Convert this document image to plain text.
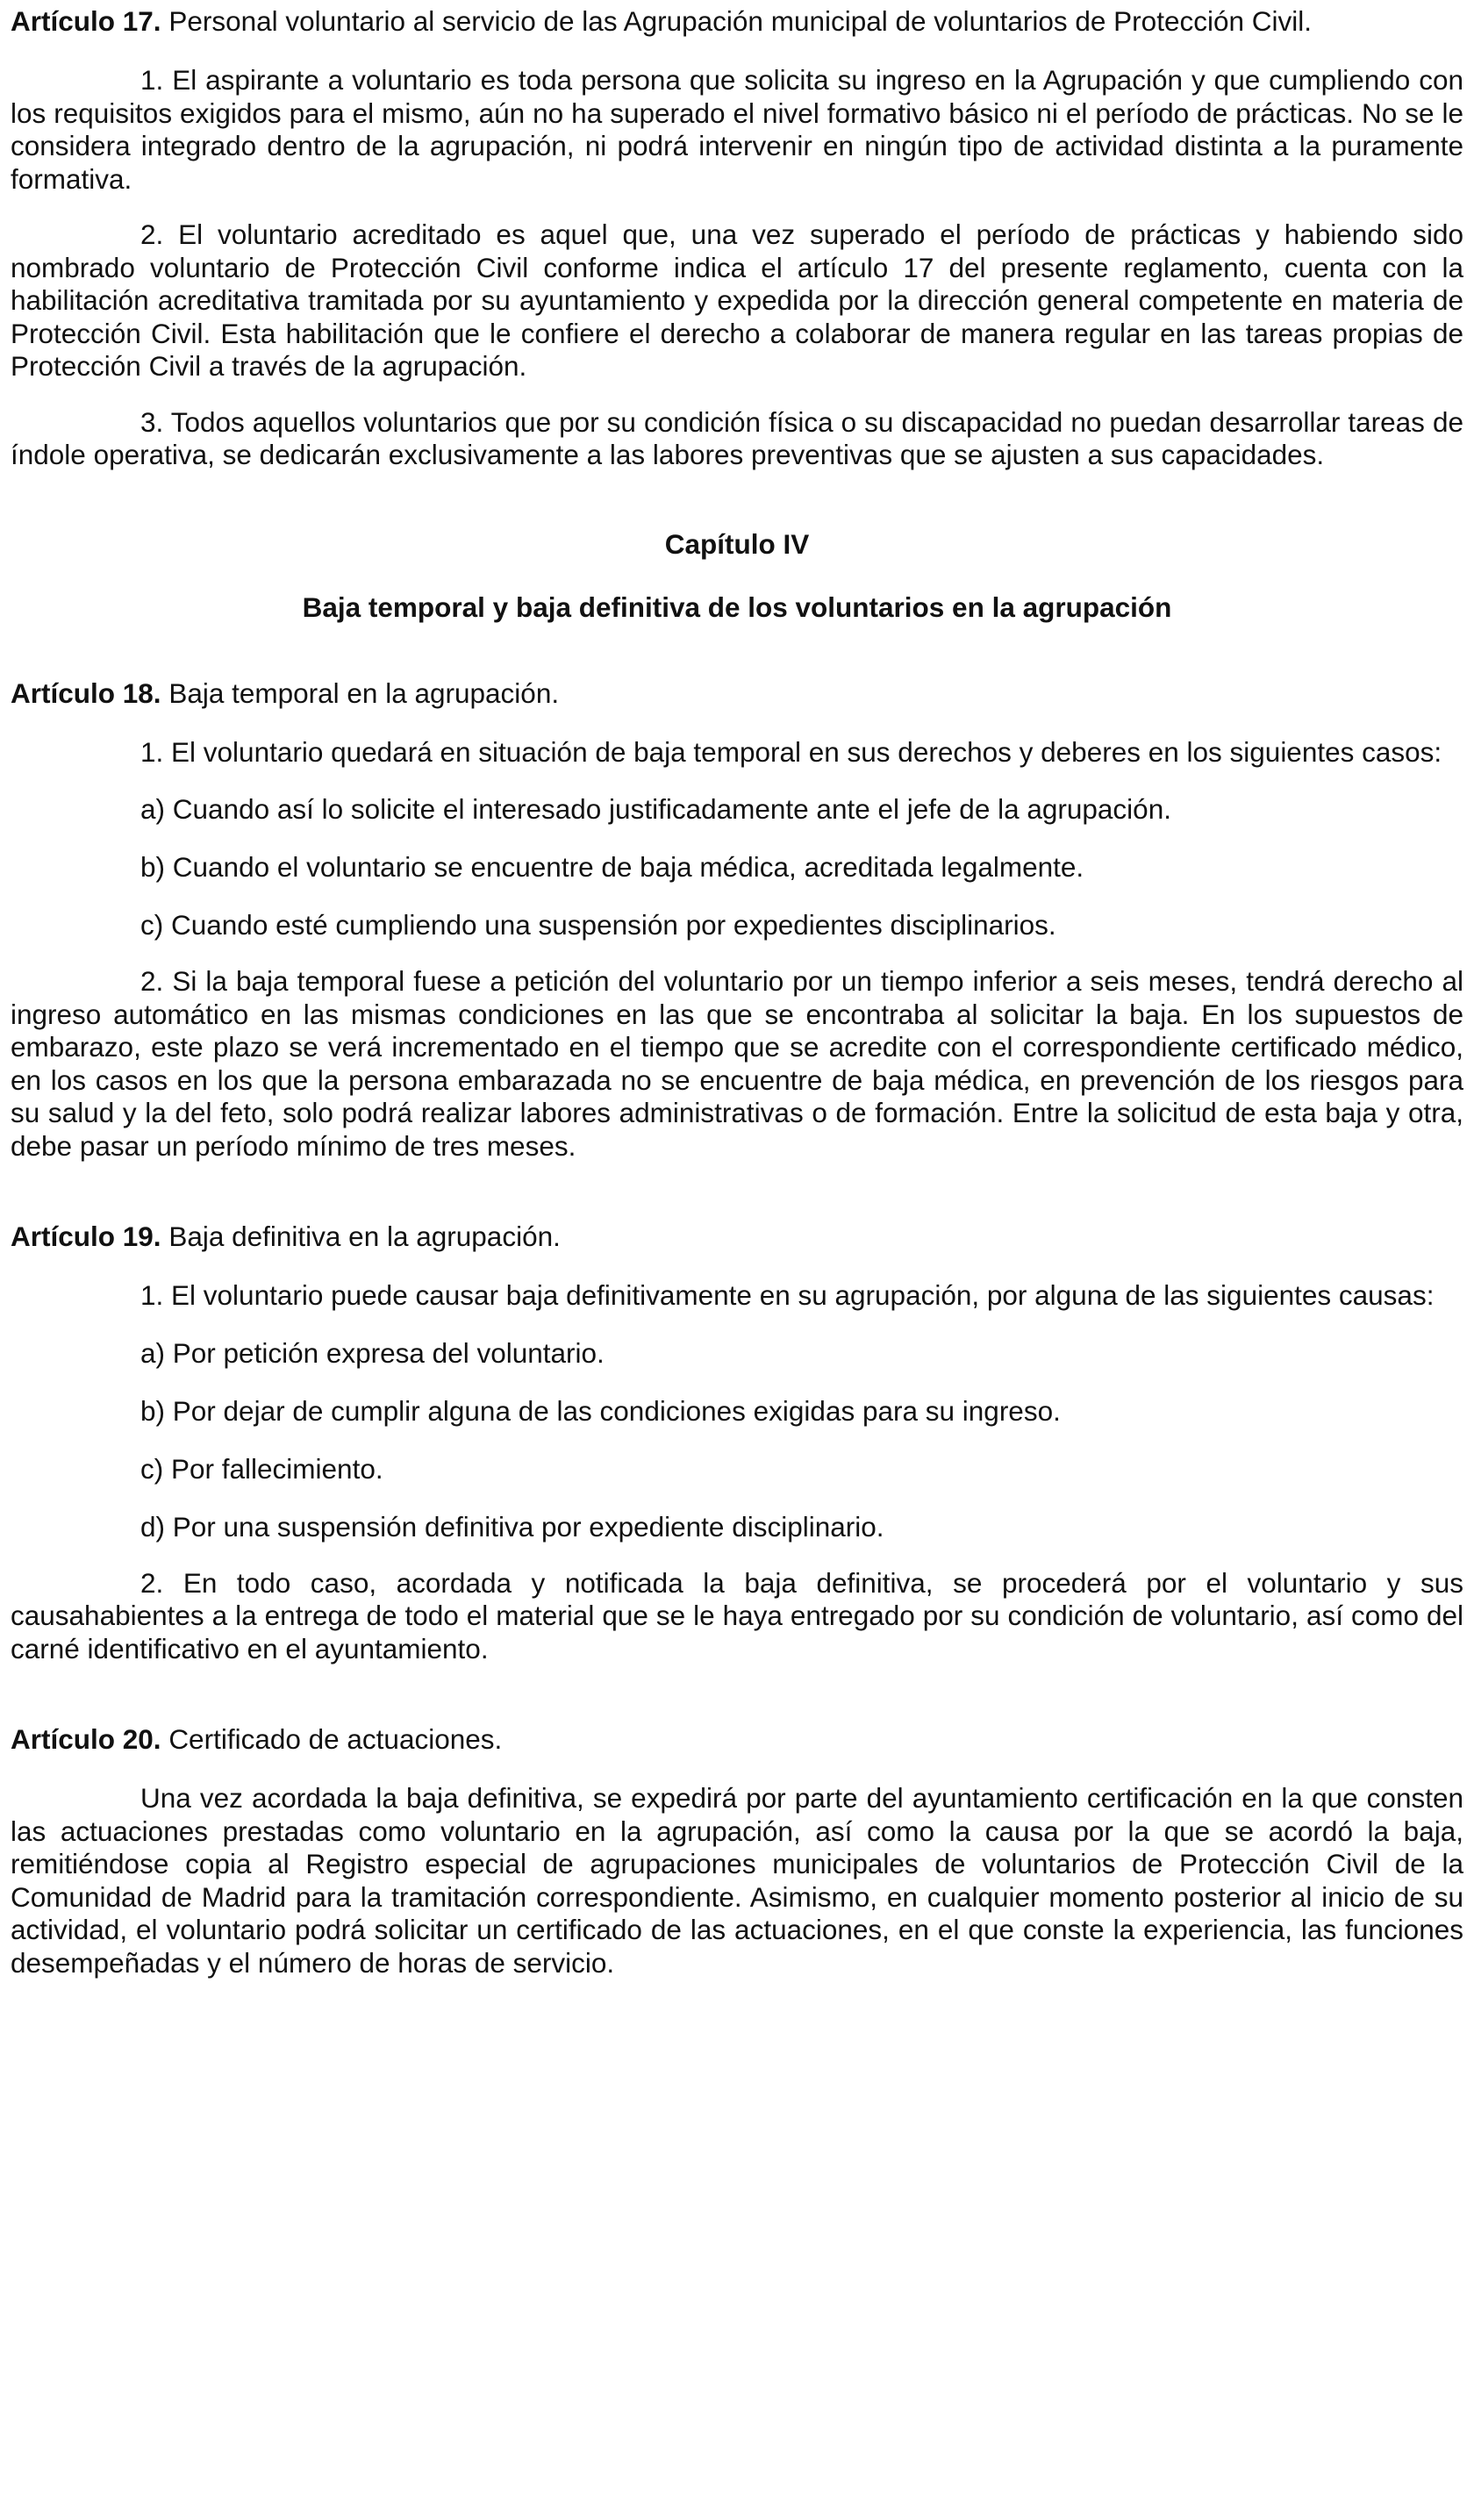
Artículo 17. Personal voluntario al servicio de las Agrupación municipal de voluntarios de Protección Civil.

1. El aspirante a voluntario es toda persona que solicita su ingreso en la Agrupación y que cumpliendo con los requisitos exigidos para el mismo, aún no ha superado el nivel formativo básico ni el período de prácticas. No se le considera integrado dentro de la agrupación, ni podrá intervenir en ningún tipo de actividad distinta a la puramente formativa.

2. El voluntario acreditado es aquel que, una vez superado el período de prácticas y habiendo sido nombrado voluntario de Protección Civil conforme indica el artículo 17 del presente reglamento, cuenta con la habilitación acreditativa tramitada por su ayuntamiento y expedida por la dirección general competente en materia de Protección Civil. Esta habilitación que le confiere el derecho a colaborar de manera regular en las tareas propias de Protección Civil a través de la agrupación.

3. Todos aquellos voluntarios que por su condición física o su discapacidad no puedan desarrollar tareas de índole operativa, se dedicarán exclusivamente a las labores preventivas que se ajusten a sus capacidades.

Capítulo IV

Baja temporal y baja definitiva de los voluntarios en la agrupación

Artículo 18. Baja temporal en la agrupación.

1. El voluntario quedará en situación de baja temporal en sus derechos y deberes en los siguientes casos:

a) Cuando así lo solicite el interesado justificadamente ante el jefe de la agrupación.

b) Cuando el voluntario se encuentre de baja médica, acreditada legalmente.

c) Cuando esté cumpliendo una suspensión por expedientes disciplinarios.

2. Si la baja temporal fuese a petición del voluntario por un tiempo inferior a seis meses, tendrá derecho al ingreso automático en las mismas condiciones en las que se encontraba al solicitar la baja. En los supuestos de embarazo, este plazo se verá incrementado en el tiempo que se acredite con el correspondiente certificado médico, en los casos en los que la persona embarazada no se encuentre de baja médica, en prevención de los riesgos para su salud y la del feto, solo podrá realizar labores administrativas o de formación. Entre la solicitud de esta baja y otra, debe pasar un período mínimo de tres meses.

Artículo 19. Baja definitiva en la agrupación.

1. El voluntario puede causar baja definitivamente en su agrupación, por alguna de las siguientes causas:

a) Por petición expresa del voluntario.

b) Por dejar de cumplir alguna de las condiciones exigidas para su ingreso.

c) Por fallecimiento.

d) Por una suspensión definitiva por expediente disciplinario.

2. En todo caso, acordada y notificada la baja definitiva, se procederá por el voluntario y sus causahabientes a la entrega de todo el material que se le haya entregado por su condición de voluntario, así como del carné identificativo en el ayuntamiento.

Artículo 20. Certificado de actuaciones.

Una vez acordada la baja definitiva, se expedirá por parte del ayuntamiento certificación en la que consten las actuaciones prestadas como voluntario en la agrupación, así como la causa por la que se acordó la baja, remitiéndose copia al Registro especial de agrupaciones municipales de voluntarios de Protección Civil de la Comunidad de Madrid para la tramitación correspondiente. Asimismo, en cualquier momento posterior al inicio de su actividad, el voluntario podrá solicitar un certificado de las actuaciones, en el que conste la experiencia, las funciones desempeñadas y el número de horas de servicio.
